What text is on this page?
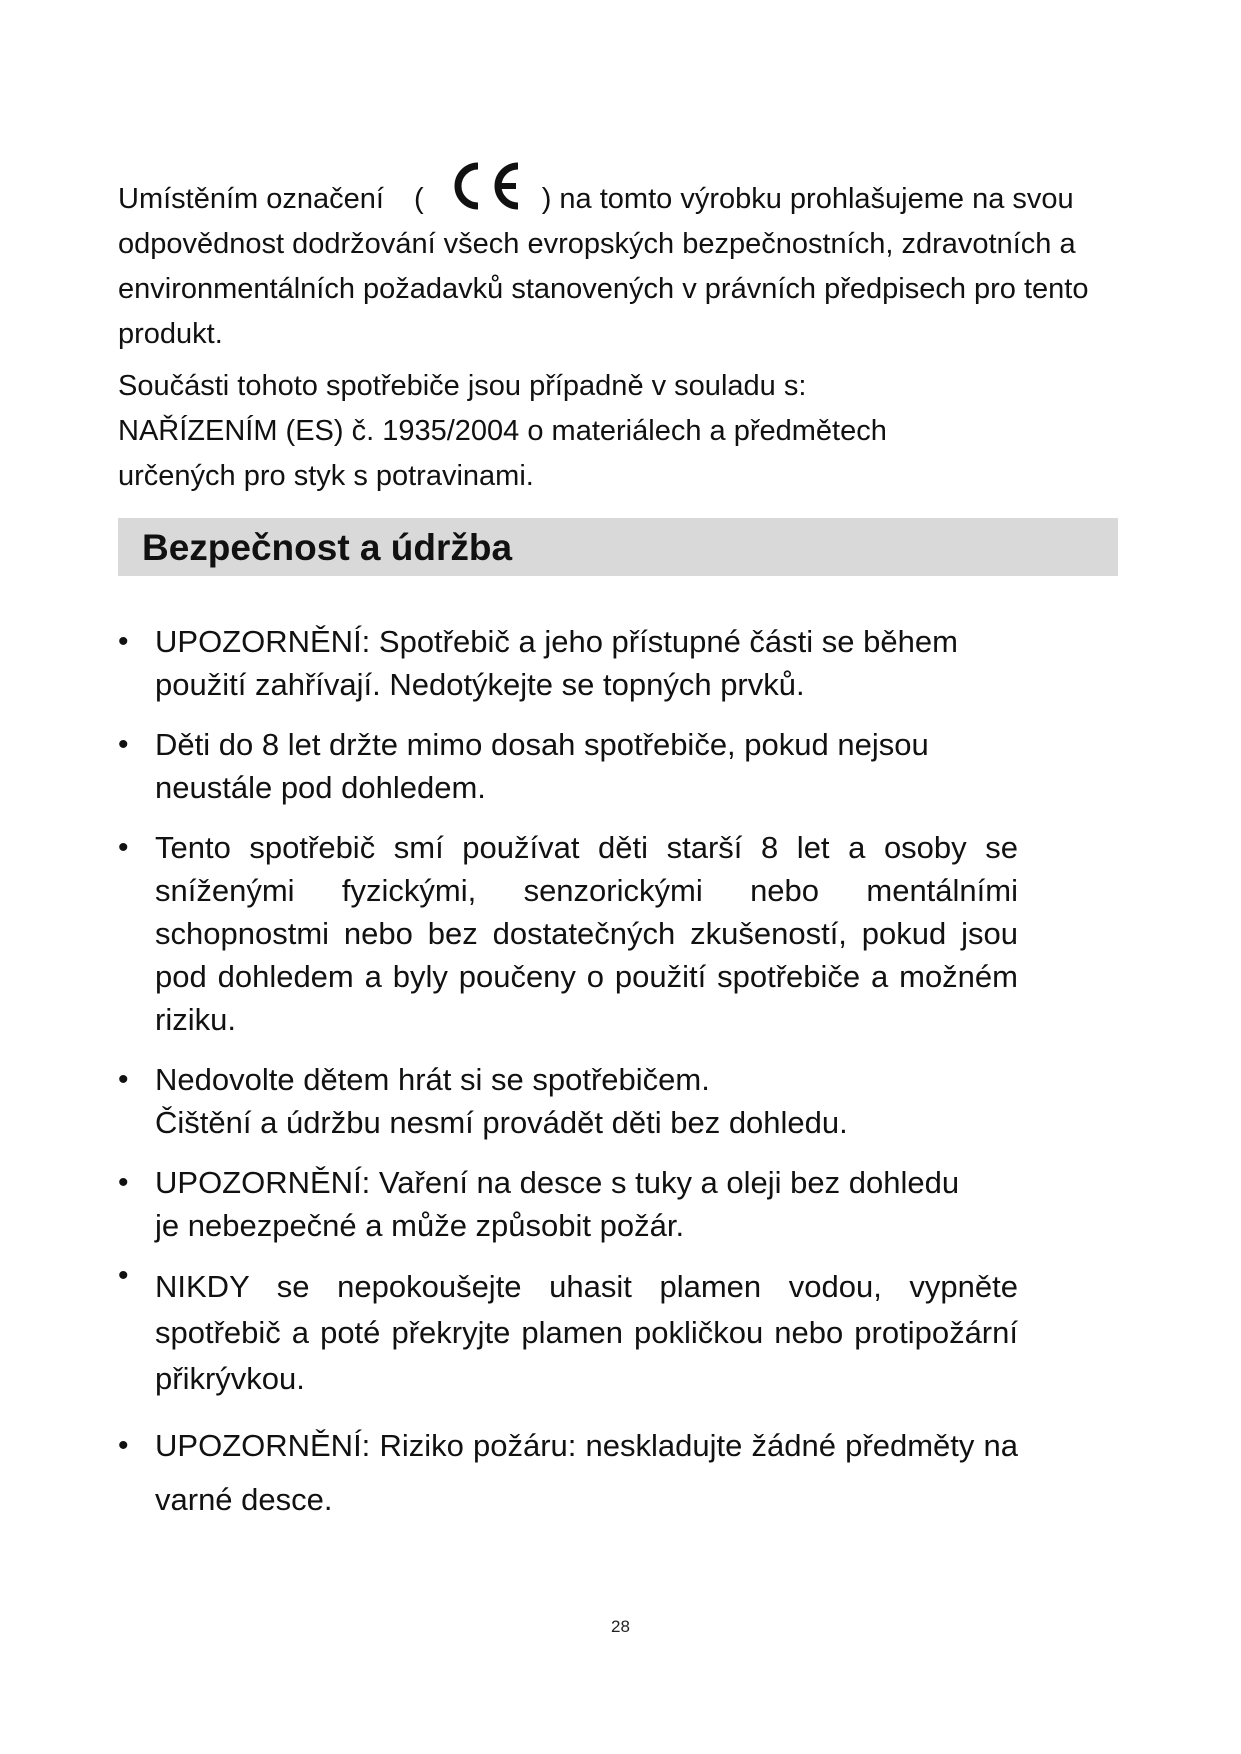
Umístěním označení (	) na tomto výrobku prohlašujeme na svou odpovědnost dodržování všech evropských bezpečnostních, zdravotních a environmentálních požadavků stanovených v právních předpisech pro tento produkt.

Součásti tohoto spotřebiče jsou případně v souladu s:
NAŘÍZENÍM (ES) č. 1935/2004 o materiálech a předmětech
určených pro styk s potravinami.

Bezpečnost a údržba
• UPOZORNĚNÍ: Spotřebič a jeho přístupné části se během
použití zahřívají. Nedotýkejte se topných prvků.
• Děti do 8 let držte mimo dosah spotřebiče, pokud nejsou
neustále pod dohledem.
• Tento spotřebič smí používat děti starší 8 let a osoby se sníženými fyzickými, senzorickými nebo mentálními schopnostmi nebo bez dostatečných zkušeností, pokud jsou pod dohledem a byly poučeny o použití spotřebiče a možném riziku.
• Nedovolte dětem hrát si se spotřebičem.
Čištění a údržbu nesmí provádět děti bez dohledu.
• UPOZORNĚNÍ: Vaření na desce s tuky a oleji bez dohledu
je nebezpečné a může způsobit požár.
• NIKDY se nepokoušejte uhasit plamen vodou, vypněte spotřebič a poté překryjte plamen pokličkou nebo protipožární přikrývkou.
• UPOZORNĚNÍ: Riziko požáru: neskladujte žádné předměty na varné desce.
28
